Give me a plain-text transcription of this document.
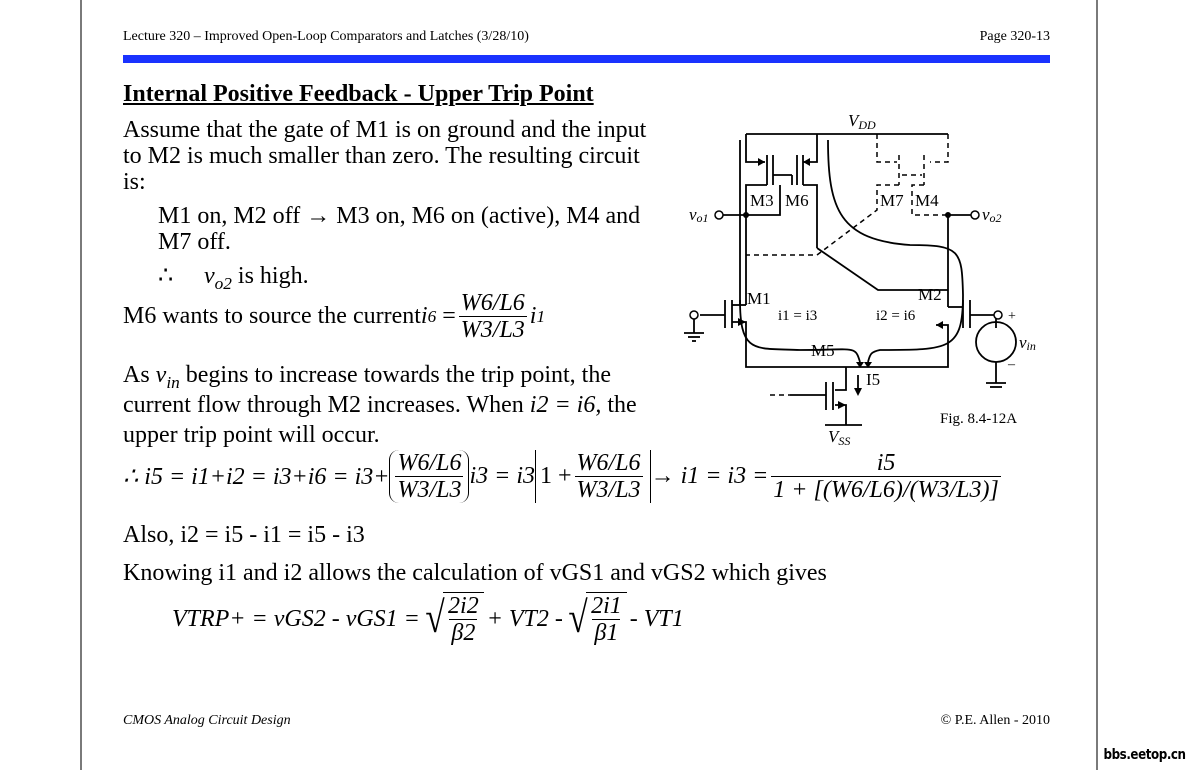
Lecture 320 – Improved Open-Loop Comparators and Latches (3/28/10)	Page 320-13
Internal Positive Feedback - Upper Trip Point
Assume that the gate of M1 is on ground and the input to M2 is much smaller than zero. The resulting circuit is:
M1 on, M2 off → M3 on, M6 on (active), M4 and M7 off.
∴ $v_{o2}$ is high.
M6 wants to source the current i $6 = \frac{W6/L6}{W3/L3}$ i 1
As $v_{in}$ begins to increase towards the trip point, the current flow through M2 increases. When i2 = i6, the upper trip point will occur.
∴ $i5 = i1+i2 = i3+i6 = i3+ \frac{W6/L6}{W3/L3} i3 = i3$ $1 + \frac{W6/L6}{W3/L3} \to i1 = i3 = \frac{i5}{1 + [(W6/L6)/(W3/L3)]}$
Also, i2 = i5 - i1 = i5 - i3
Knowing i1 and i2 allows the calculation of vGS1 and vGS2 which gives
VTRP+ = vGS2 - vGS1 = √ $\frac{2i2}{\beta 2} + VT2$ - √ $\frac{2i1}{\beta 1} - VT1$
VDD
M3 M6	M7 M4
vo1	vo2
M1	M2
i1 = i3	i2 = i6
M5
I5
VSS
vin
+
–
Fig. 8.4-12A
CMOS Analog Circuit Design	© P.E. Allen - 2010
bbs.eetop.cn
